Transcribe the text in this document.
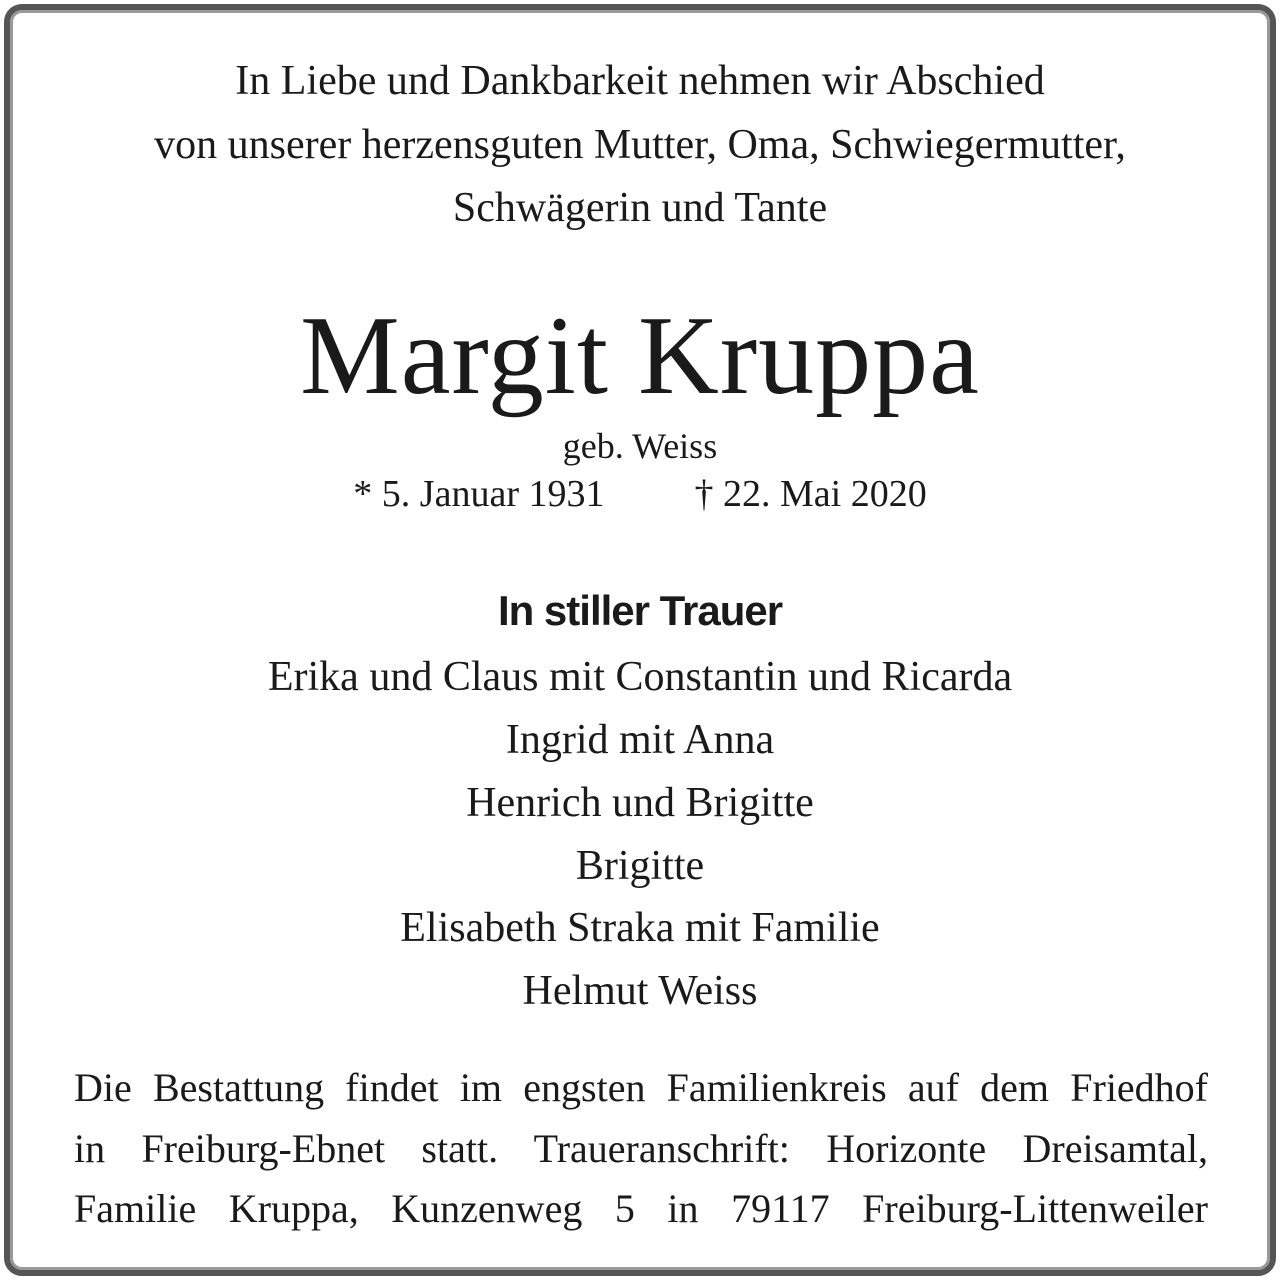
In Liebe und Dankbarkeit nehmen wir Abschied
von unserer herzensguten Mutter, Oma, Schwiegermutter,
Schwägerin und Tante
Margit Kruppa
geb. Weiss
* 5. Januar 1931 † 22. Mai 2020
In stiller Trauer
Erika und Claus mit Constantin und Ricarda
Ingrid mit Anna
Henrich und Brigitte
Brigitte
Elisabeth Straka mit Familie
Helmut Weiss
Die Bestattung findet im engsten Familienkreis auf dem Friedhof
in Freiburg-Ebnet statt. Traueranschrift: Horizonte Dreisamtal,
Familie Kruppa, Kunzenweg 5 in 79117 Freiburg-Littenweiler
